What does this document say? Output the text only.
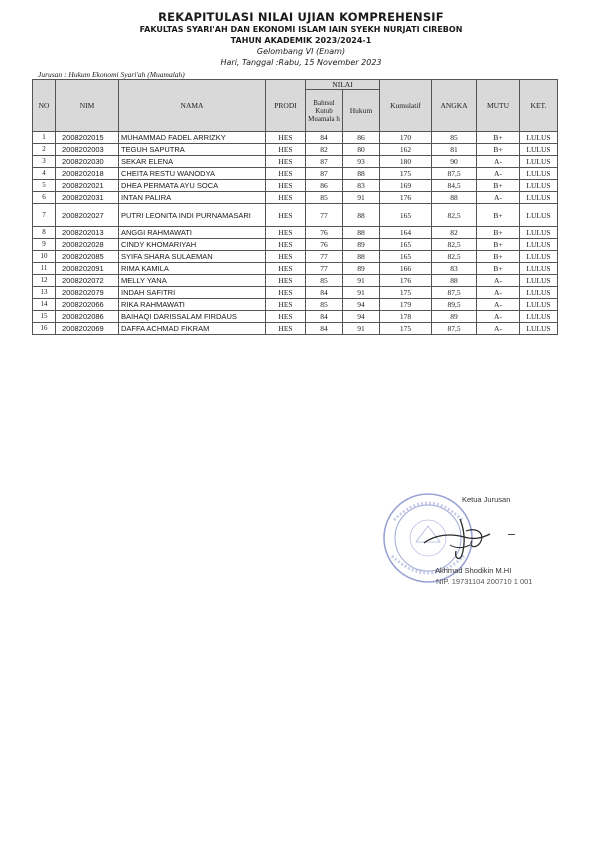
REKAPITULASI NILAI UJIAN KOMPREHENSIF
FAKULTAS SYARI'AH DAN EKONOMI ISLAM IAIN SYEKH NURJATI CIREBON
TAHUN AKADEMIK 2023/2024-1
Gelombang VI (Enam)
Hari, Tanggal :Rabu, 15 November 2023
Jurusan : Hukum Ekonomi Syari'ah (Muamalah)
NO	NIM	NAMA	PRODI	NILAI		Kumulatif	ANGKA	MUTU	KET.
				Bahtsul Kutub Muamala h	Hukum				
1	2008202015	MUHAMMAD FADEL ARRIZKY	HES	84	86	170	85	B+	LULUS
2	2008202003	TEGUH SAPUTRA	HES	82	80	162	81	B+	LULUS
3	2008202030	SEKAR ELENA	HES	87	93	180	90	A-	LULUS
4	2008202018	CHEITA RESTU WANODYA	HES	87	88	175	87,5	A-	LULUS
5	2008202021	DHEA PERMATA AYU SOCA	HES	86	83	169	84,5	B+	LULUS
6	2008202031	INTAN PALIRA	HES	85	91	176	88	A-	LULUS
7	2008202027	PUTRI LEONITA INDI PURNAMASARI	HES	77	88	165	82,5	B+	LULUS
8	2008202013	ANGGI RAHMAWATI	HES	76	88	164	82	B+	LULUS
9	2008202028	CINDY KHOMARIYAH	HES	76	89	165	82,5	B+	LULUS
10	2008202085	SYIFA SHARA SULAEMAN	HES	77	88	165	82,5	B+	LULUS
11	2008202091	RIMA KAMILA	HES	77	89	166	83	B+	LULUS
12	2008202072	MELLY YANA	HES	85	91	176	88	A-	LULUS
13	2008202079	INDAH SAFITRI	HES	84	91	175	87,5	A-	LULUS
14	2008202066	RIKA RAHMAWATI	HES	85	94	179	89,5	A-	LULUS
15	2008202086	BAIHAQI DARISSALAM FIRDAUS	HES	84	94	178	89	A-	LULUS
16	2008202069	DAFFA ACHMAD FIKRAM	HES	84	91	175	87,5	A-	LULUS
Ketua Jurusan
Akhmad Shodikin M.HI
NIP. 19731104 200710 1 001
